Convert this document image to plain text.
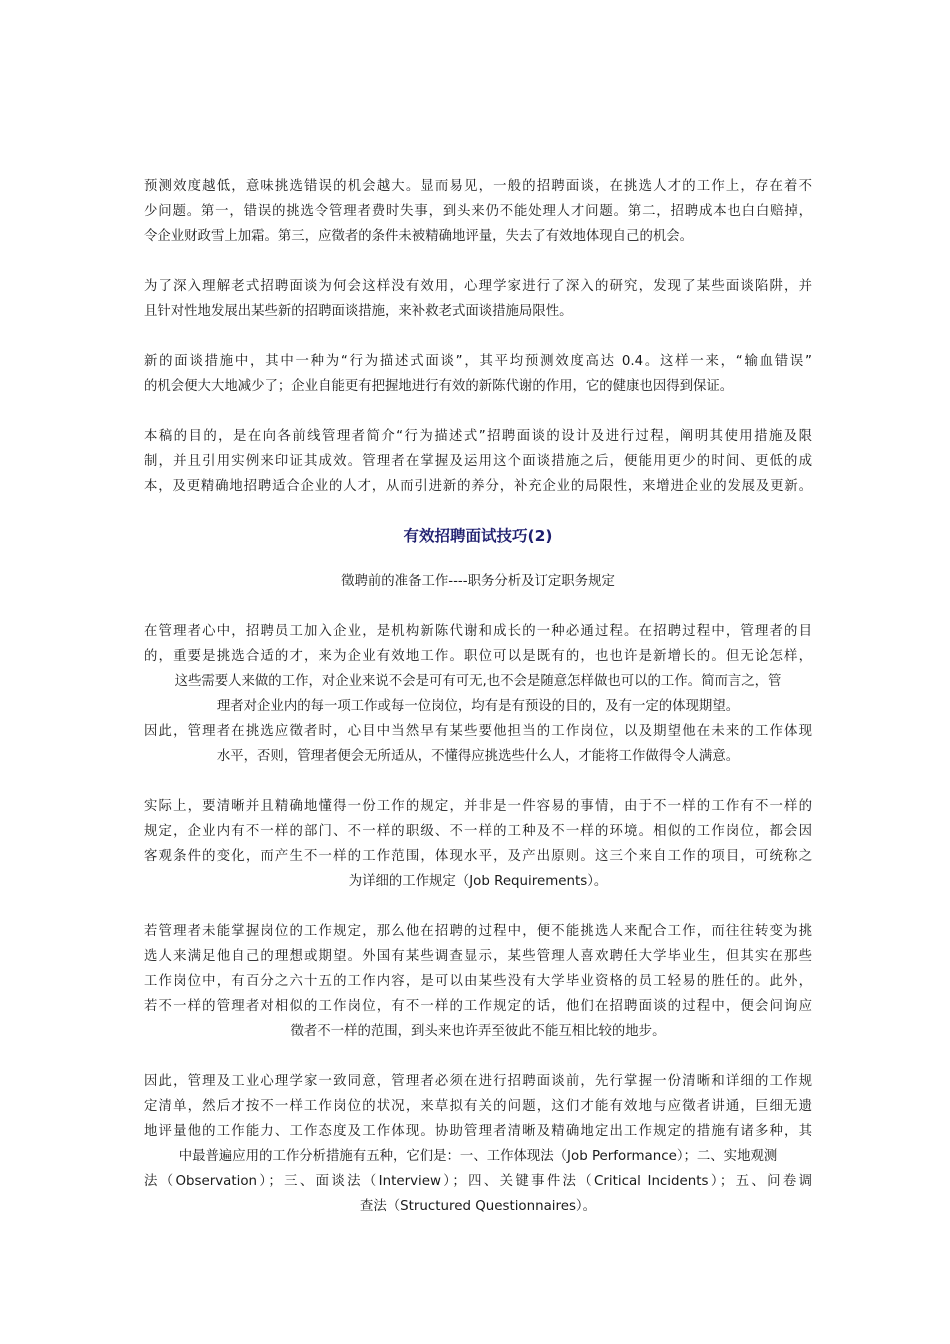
预测效度越低，意味挑选错误的机会越大。显而易见，一般的招聘面谈，在挑选人才的工作上，存在着不
少问题。第一，错误的挑选令管理者费时失事，到头来仍不能处理人才问题。第二，招聘成本也白白赔掉，
令企业财政雪上加霜。第三，应徵者的条件未被精确地评量，失去了有效地体现自己的机会。
为了深入理解老式招聘面谈为何会这样没有效用，心理学家进行了深入的研究，发现了某些面谈陷阱，并
且针对性地发展出某些新的招聘面谈措施，来补救老式面谈措施局限性。
新的面谈措施中，其中一种为“行为描述式面谈”，其平均预测效度高达 0.4。这样一来，“输血错误”
的机会便大大地减少了；企业自能更有把握地进行有效的新陈代谢的作用，它的健康也因得到保证。
本稿的目的，是在向各前线管理者简介“行为描述式”招聘面谈的设计及进行过程，阐明其使用措施及限
制，并且引用实例来印证其成效。管理者在掌握及运用这个面谈措施之后，便能用更少的时间、更低的成
本，及更精确地招聘适合企业的人才，从而引进新的养分，补充企业的局限性，来增进企业的发展及更新。
有效招聘面试技巧(2)
徵聘前的准备工作----职务分析及订定职务规定
在管理者心中，招聘员工加入企业，是机构新陈代谢和成长的一种必通过程。在招聘过程中，管理者的目
的，重要是挑选合适的才，来为企业有效地工作。职位可以是既有的，也也许是新增长的。但无论怎样，
这些需要人来做的工作，对企业来说不会是可有可无,也不会是随意怎样做也可以的工作。简而言之，管
理者对企业内的每一项工作或每一位岗位，均有是有预设的目的，及有一定的体现期望。
因此，管理者在挑选应徵者时，心目中当然早有某些要他担当的工作岗位，以及期望他在未来的工作体现
水平，否则，管理者便会无所适从，不懂得应挑选些什么人，才能将工作做得令人满意。
实际上，要清晰并且精确地懂得一份工作的规定，并非是一件容易的事情，由于不一样的工作有不一样的
规定，企业内有不一样的部门、不一样的职级、不一样的工种及不一样的环境。相似的工作岗位，都会因
客观条件的变化，而产生不一样的工作范围，体现水平，及产出原则。这三个来自工作的项目，可统称之
为详细的工作规定（Job Requirements）。
若管理者未能掌握岗位的工作规定，那么他在招聘的过程中，便不能挑选人来配合工作，而往往转变为挑
选人来满足他自己的理想或期望。外国有某些调查显示，某些管理人喜欢聘任大学毕业生，但其实在那些
工作岗位中，有百分之六十五的工作内容，是可以由某些没有大学毕业资格的员工轻易的胜任的。此外，
若不一样的管理者对相似的工作岗位，有不一样的工作规定的话，他们在招聘面谈的过程中，便会问询应
徵者不一样的范围，到头来也许弄至彼此不能互相比较的地步。
因此，管理及工业心理学家一致同意，管理者必须在进行招聘面谈前，先行掌握一份清晰和详细的工作规
定清单，然后才按不一样工作岗位的状况，来草拟有关的问题，这们才能有效地与应徵者讲通，巨细无遗
地评量他的工作能力、工作态度及工作体现。协助管理者清晰及精确地定出工作规定的措施有诸多种，其
中最普遍应用的工作分析措施有五种，它们是：一、工作体现法（Job Performance）；二、实地观测
法（Observation）；三、面谈法（Interview）；四、关键事件法（Critical Incidents）；五、问卷调
查法（Structured Questionnaires）。
